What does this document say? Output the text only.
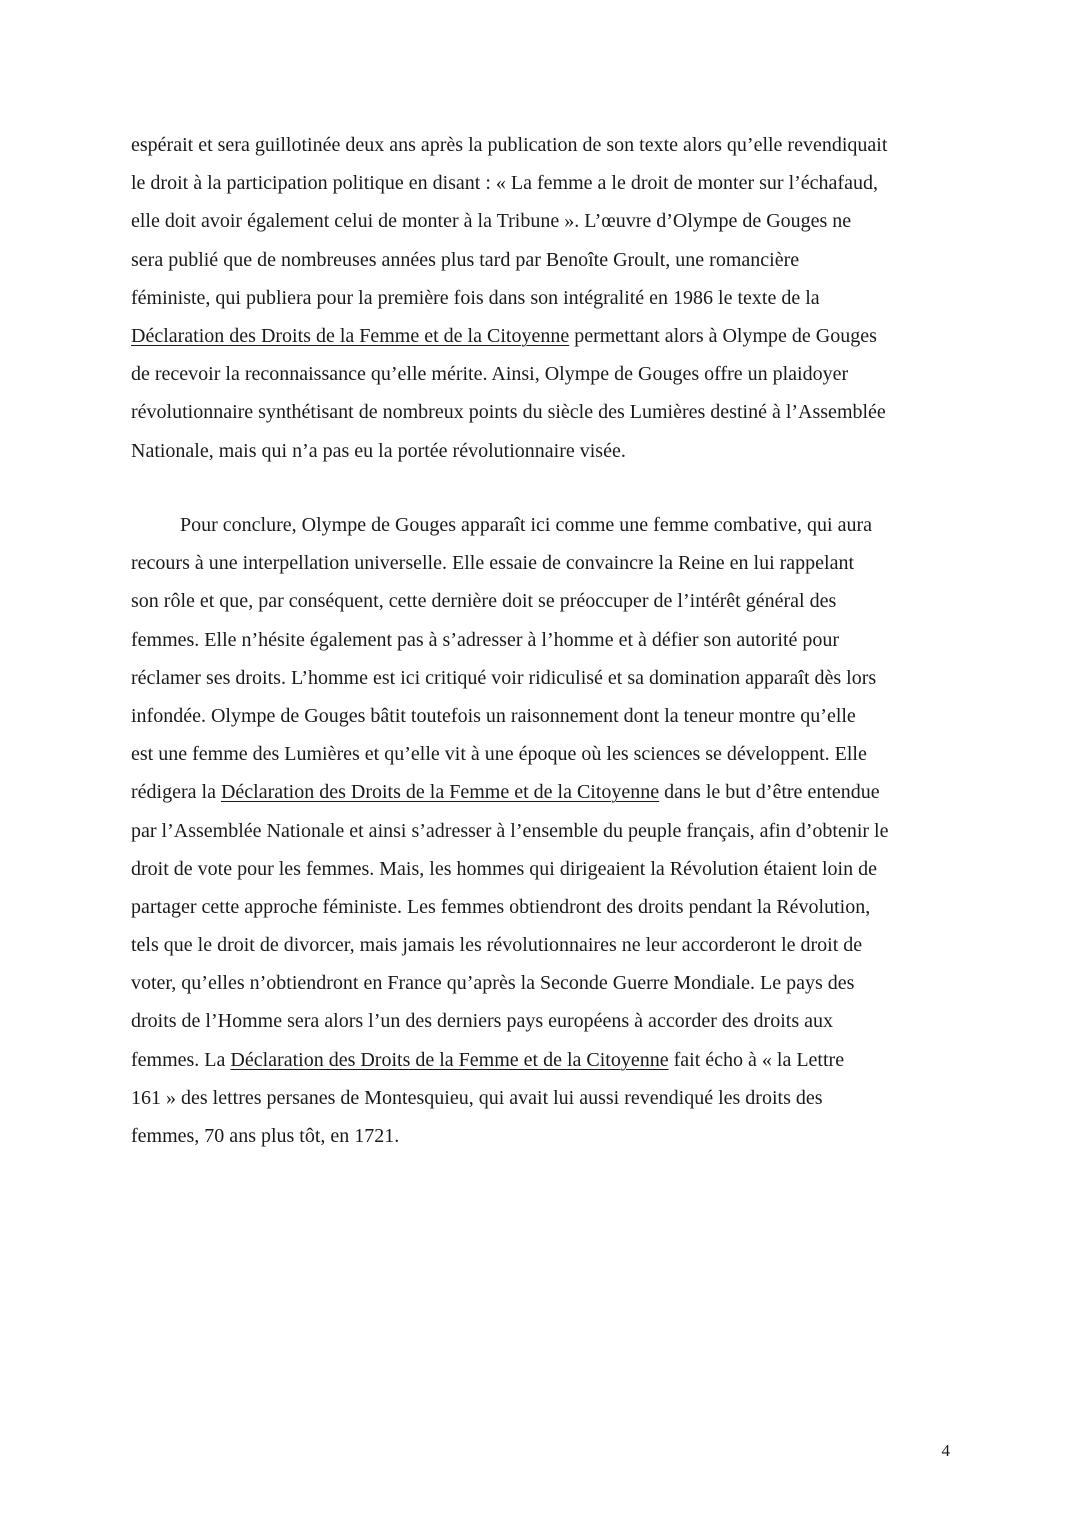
espérait et sera guillotinée deux ans après la publication de son texte alors qu’elle revendiquait
le droit à la participation politique en disant : « La femme a le droit de monter sur l’échafaud,
elle doit avoir également celui de monter à la Tribune ». L’œuvre d’Olympe de Gouges ne
sera publié que de nombreuses années plus tard par Benoîte Groult, une romancière
féministe, qui publiera pour la première fois dans son intégralité en 1986 le texte de la
Déclaration des Droits de la Femme et de la Citoyenne permettant alors à Olympe de Gouges
de recevoir la reconnaissance qu’elle mérite. Ainsi, Olympe de Gouges offre un plaidoyer
révolutionnaire synthétisant de nombreux points du siècle des Lumières destiné à l’Assemblée
Nationale, mais qui n’a pas eu la portée révolutionnaire visée.
Pour conclure, Olympe de Gouges apparaît ici comme une femme combative, qui aura
recours à une interpellation universelle. Elle essaie de convaincre la Reine en lui rappelant
son rôle et que, par conséquent, cette dernière doit se préoccuper de l’intérêt général des
femmes. Elle n’hésite également pas à s’adresser à l’homme et à défier son autorité pour
réclamer ses droits. L’homme est ici critiqué voir ridiculisé et sa domination apparaît dès lors
infondée. Olympe de Gouges bâtit toutefois un raisonnement dont la teneur montre qu’elle
est une femme des Lumières et qu’elle vit à une époque où les sciences se développent. Elle
rédigera la Déclaration des Droits de la Femme et de la Citoyenne dans le but d’être entendue
par l’Assemblée Nationale et ainsi s’adresser à l’ensemble du peuple français, afin d’obtenir le
droit de vote pour les femmes. Mais, les hommes qui dirigeaient la Révolution étaient loin de
partager cette approche féministe. Les femmes obtiendront des droits pendant la Révolution,
tels que le droit de divorcer, mais jamais les révolutionnaires ne leur accorderont le droit de
voter, qu’elles n’obtiendront en France qu’après la Seconde Guerre Mondiale. Le pays des
droits de l’Homme sera alors l’un des derniers pays européens à accorder des droits aux
femmes. La Déclaration des Droits de la Femme et de la Citoyenne fait écho à « la Lettre
161 » des lettres persanes de Montesquieu, qui avait lui aussi revendiqué les droits des
femmes, 70 ans plus tôt, en 1721.
4
